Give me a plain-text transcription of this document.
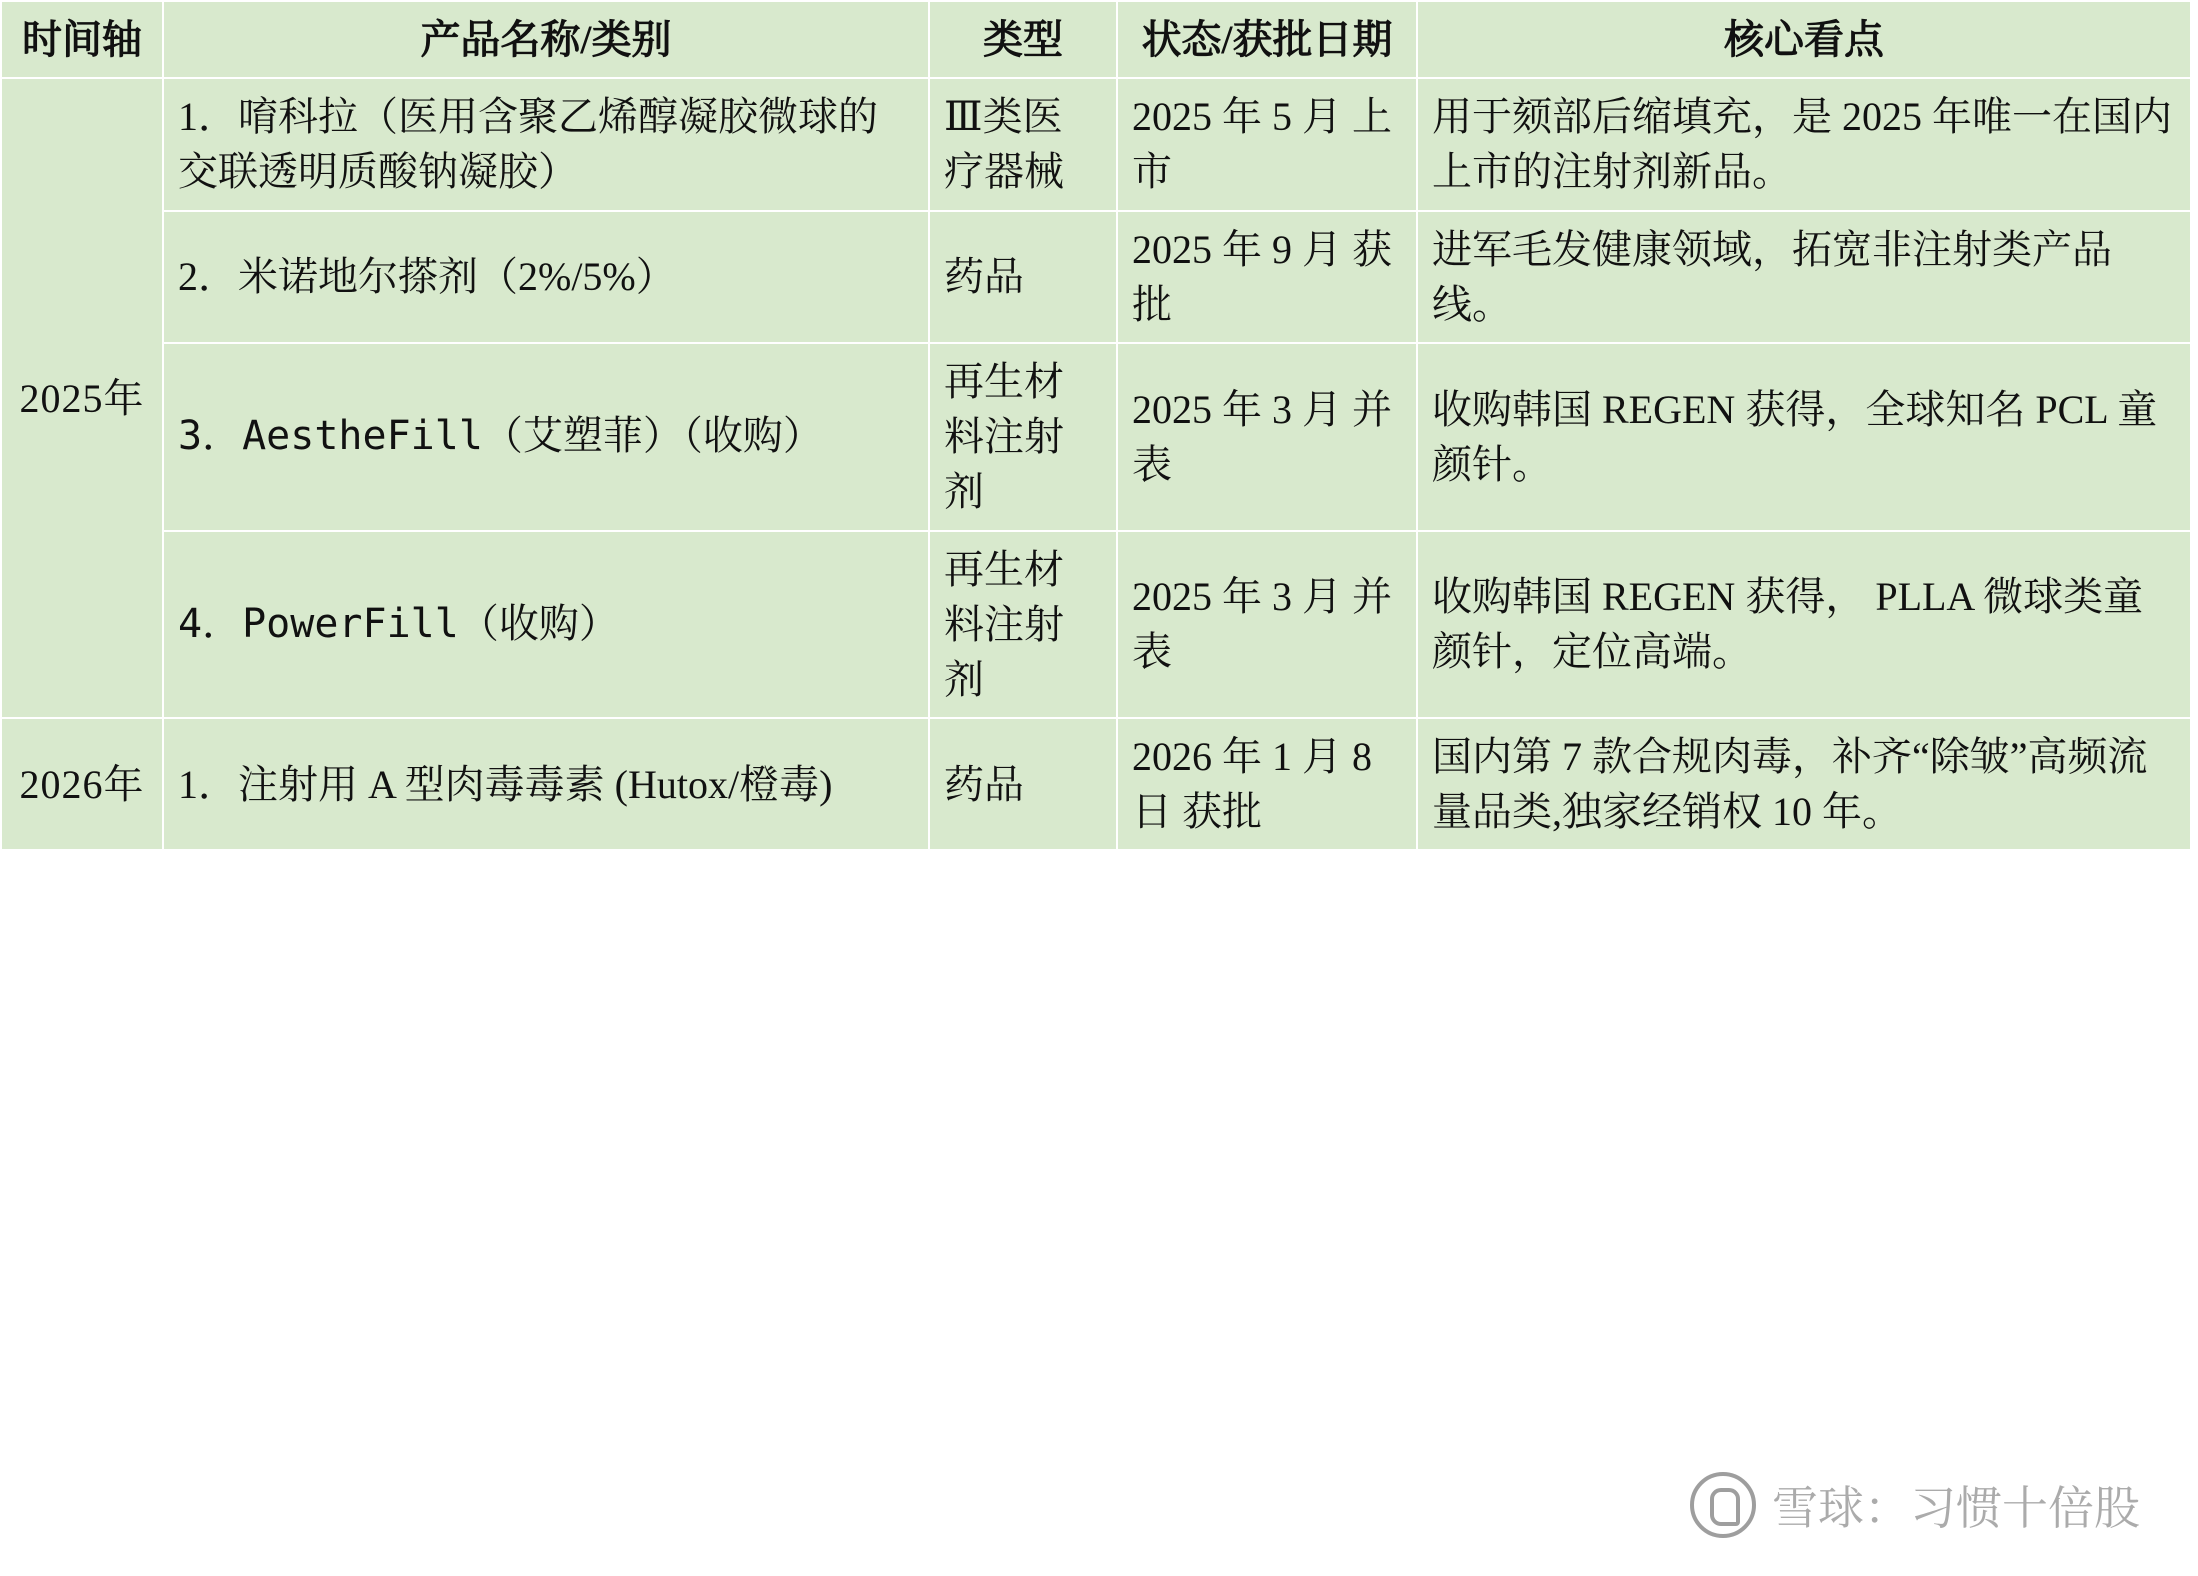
时间轴	产品名称/类别	类型	状态/获批日期	核心看点
2025年	1．唷科拉（医用含聚乙烯醇凝胶微球的交联透明质酸钠凝胶）	Ⅲ类医疗器械	2025 年 5 月 上市	用于颏部后缩填充，是 2025 年唯一在国内上市的注射剂新品。
	2．米诺地尔搽剂（2%/5%）	药品	2025 年 9 月 获批	进军毛发健康领域，拓宽非注射类产品线。
	3．AestheFill（艾塑菲）（收购）	再生材料注射剂	2025 年 3 月 并表	收购韩国 REGEN 获得，全球知名 PCL 童颜针。
	4．PowerFill（收购）	再生材料注射剂	2025 年 3 月 并表	收购韩国 REGEN 获得， PLLA 微球类童颜针，定位高端。
2026年	1．注射用 A 型肉毒毒素 (Hutox/橙毒)	药品	2026 年 1 月 8 日 获批	国内第 7 款合规肉毒，补齐“除皱”高频流量品类,独家经销权 10 年。
雪球：习惯十倍股
